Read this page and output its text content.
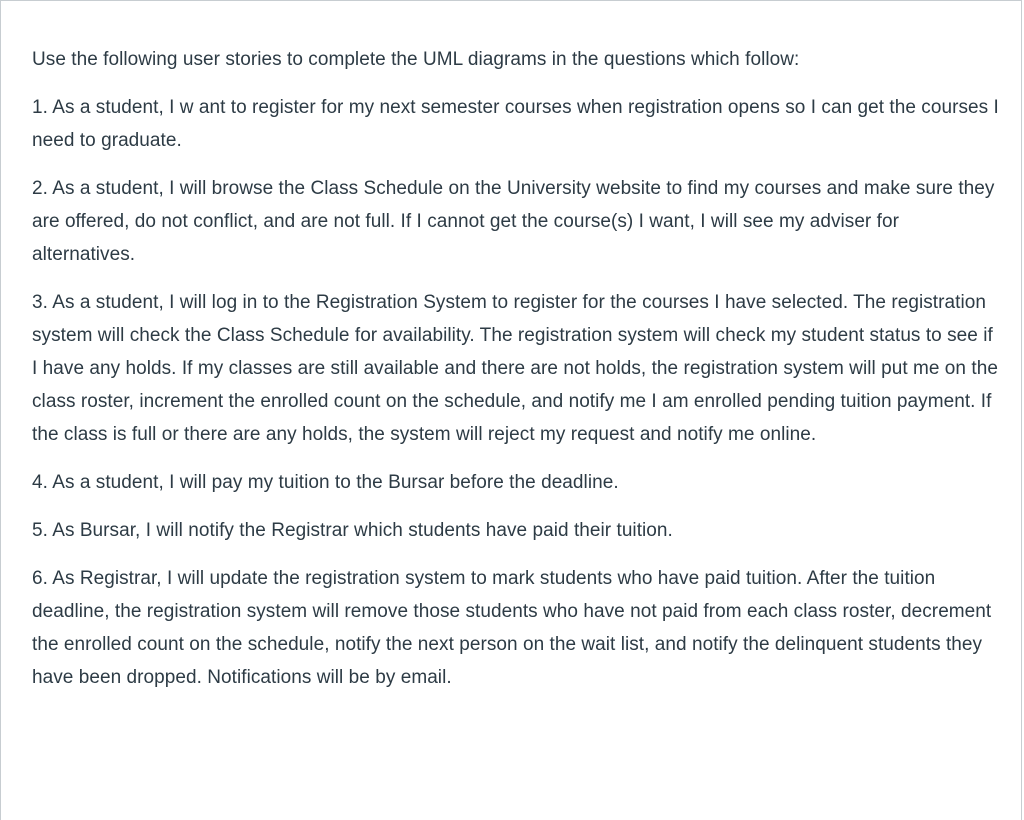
Use the following user stories to complete the UML diagrams in the questions which follow:

1. As a student, I w ant to register for my next semester courses when registration opens so I can get the courses I need to graduate.

2. As a student, I will browse the Class Schedule on the University website to find my courses and make sure they are offered, do not conflict, and are not full. If I cannot get the course(s) I want, I will see my adviser for alternatives.

3. As a student, I will log in to the Registration System to register for the courses I have selected. The registration system will check the Class Schedule for availability. The registration system will check my student status to see if I have any holds. If my classes are still available and there are not holds, the registration system will put me on the class roster, increment the enrolled count on the schedule, and notify me I am enrolled pending tuition payment. If the class is full or there are any holds, the system will reject my request and notify me online.

4. As a student, I will pay my tuition to the Bursar before the deadline.

5. As Bursar, I will notify the Registrar which students have paid their tuition.

6. As Registrar, I will update the registration system to mark students who have paid tuition. After the tuition deadline, the registration system will remove those students who have not paid from each class roster, decrement the enrolled count on the schedule, notify the next person on the wait list, and notify the delinquent students they have been dropped. Notifications will be by email.
